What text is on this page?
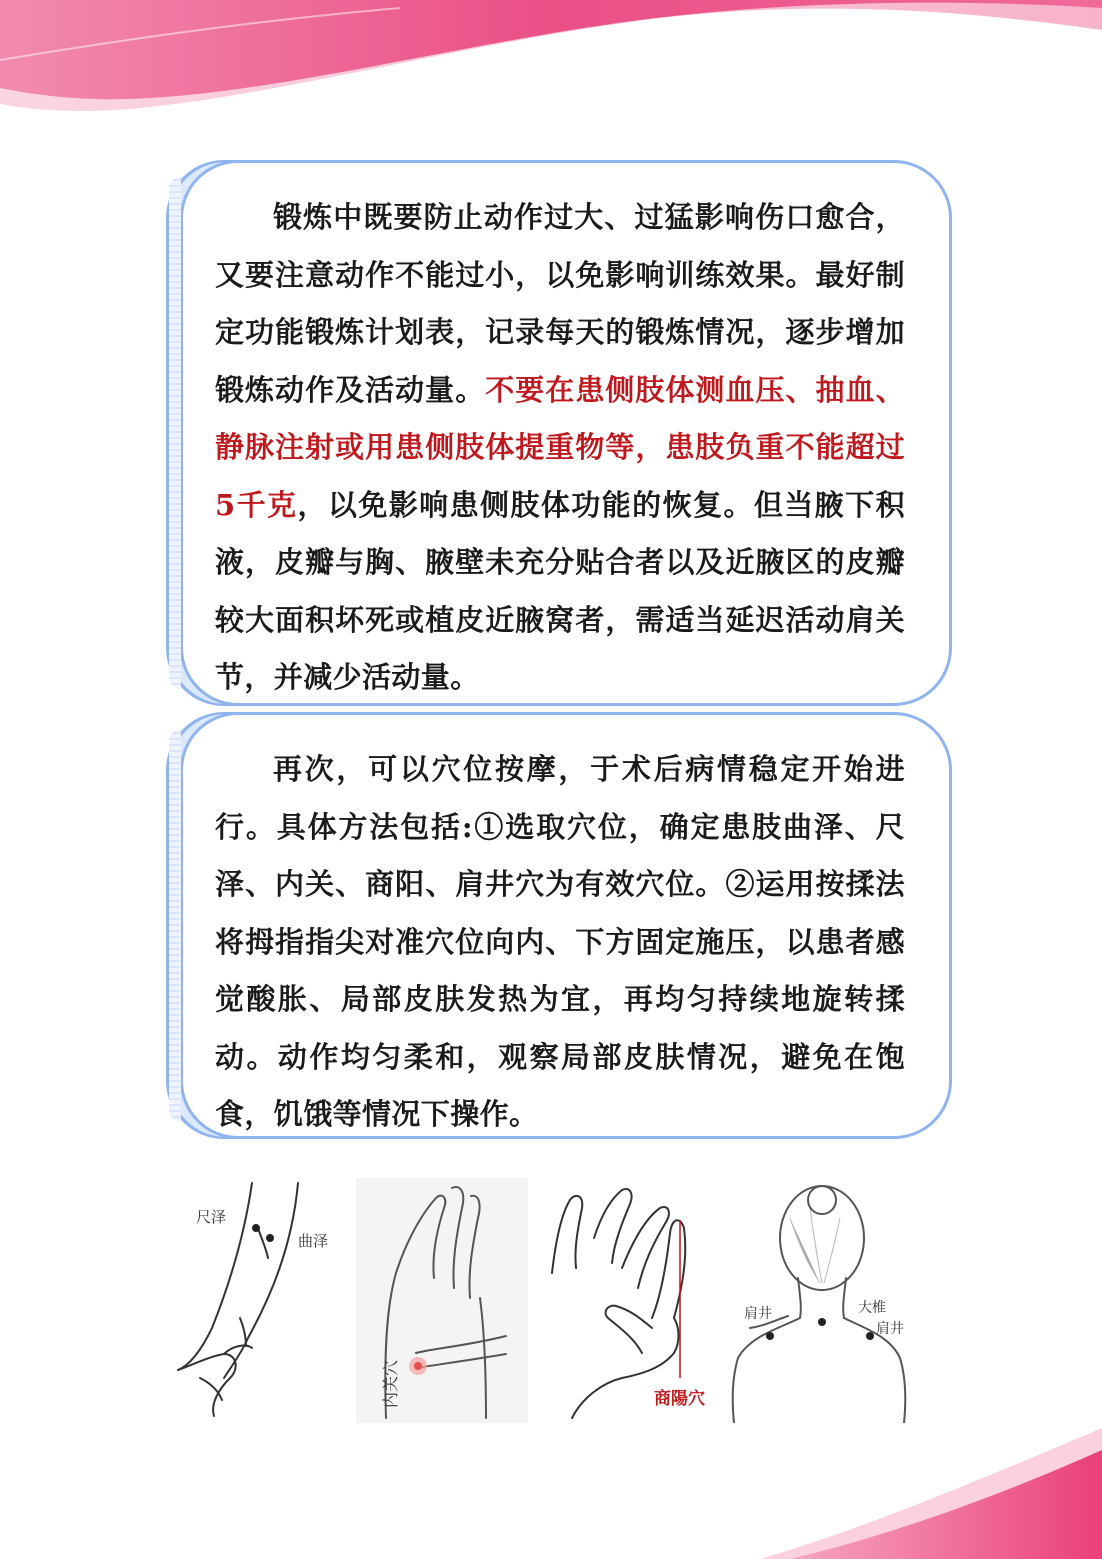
锻炼中既要防止动作过大、过猛影响伤口愈合，又要注意动作不能过小，以免影响训练效果。最好制定功能锻炼计划表，记录每天的锻炼情况，逐步增加锻炼动作及活动量。不要在患侧肢体测血压、抽血、静脉注射或用患侧肢体提重物等，患肢负重不能超过5千克，以免影响患侧肢体功能的恢复。但当腋下积液，皮瓣与胸、腋壁未充分贴合者以及近腋区的皮瓣较大面积坏死或植皮近腋窝者，需适当延迟活动肩关节，并减少活动量。

再次，可以穴位按摩，于术后病情稳定开始进行。具体方法包括:①选取穴位，确定患肢曲泽、尺泽、内关、商阳、肩井穴为有效穴位。②运用按揉法将拇指指尖对准穴位向内、下方固定施压，以患者感觉酸胀、局部皮肤发热为宜，再均匀持续地旋转揉动。动作均匀柔和，观察局部皮肤情况，避免在饱食，饥饿等情况下操作。

尺泽
曲泽
内关穴	商陽穴
肩井	大椎
肩井
